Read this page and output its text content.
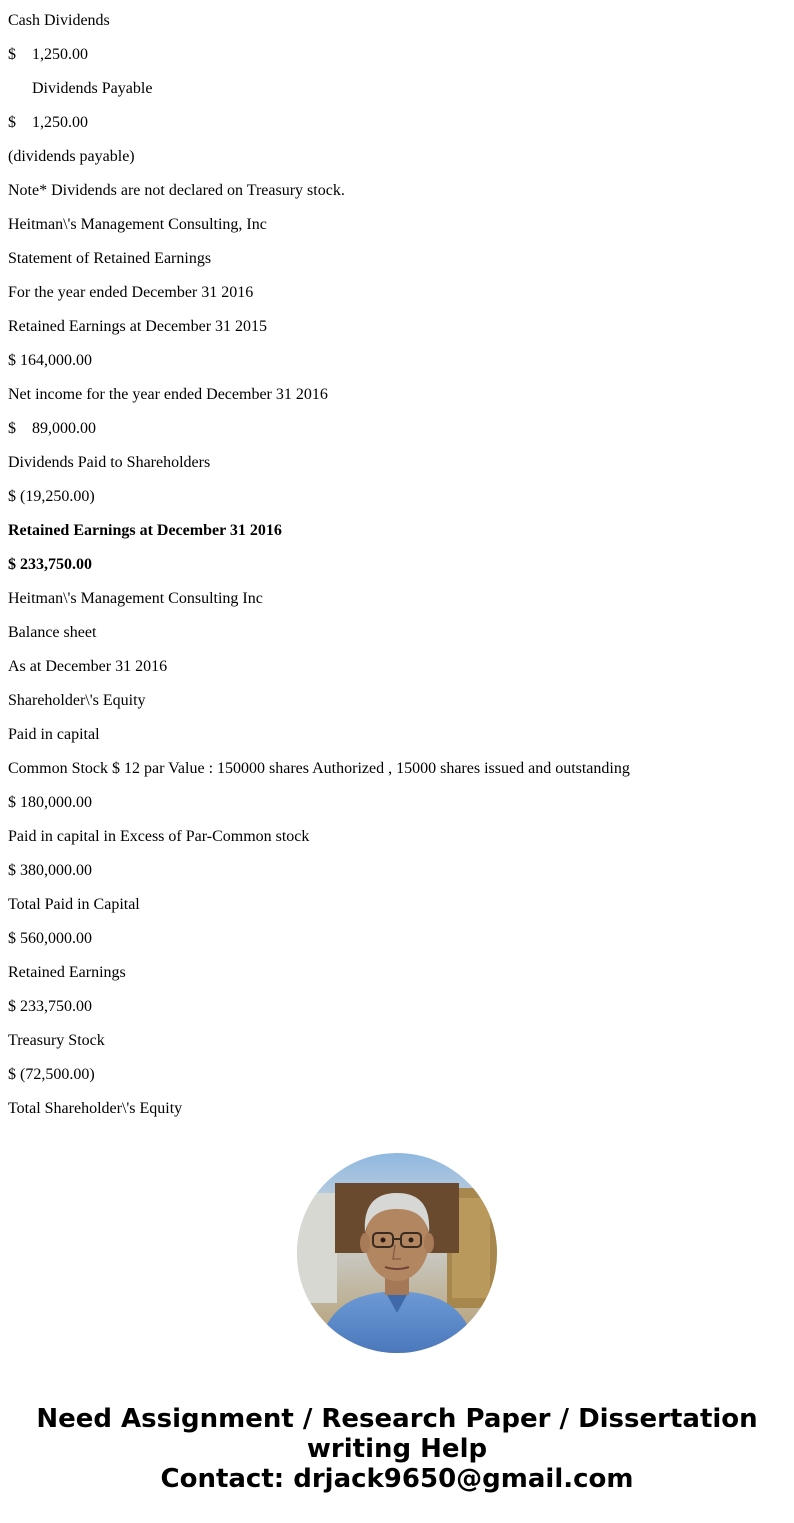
Cash Dividends

$ 1,250.00

Dividends Payable

$ 1,250.00

(dividends payable)

Note* Dividends are not declared on Treasury stock.

Heitman\'s Management Consulting, Inc

Statement of Retained Earnings

For the year ended December 31 2016

Retained Earnings at December 31 2015

$ 164,000.00

Net income for the year ended December 31 2016

$ 89,000.00

Dividends Paid to Shareholders

$ (19,250.00)

Retained Earnings at December 31 2016

$ 233,750.00

Heitman\'s Management Consulting Inc

Balance sheet

As at December 31 2016

Shareholder\'s Equity

Paid in capital

Common Stock $ 12 par Value : 150000 shares Authorized , 15000 shares issued and outstanding

$ 180,000.00

Paid in capital in Excess of Par-Common stock

$ 380,000.00

Total Paid in Capital

$ 560,000.00

Retained Earnings

$ 233,750.00

Treasury Stock

$ (72,500.00)

Total Shareholder\'s Equity

Need Assignment / Research Paper / Dissertation
writing Help
Contact: drjack9650@gmail.com
